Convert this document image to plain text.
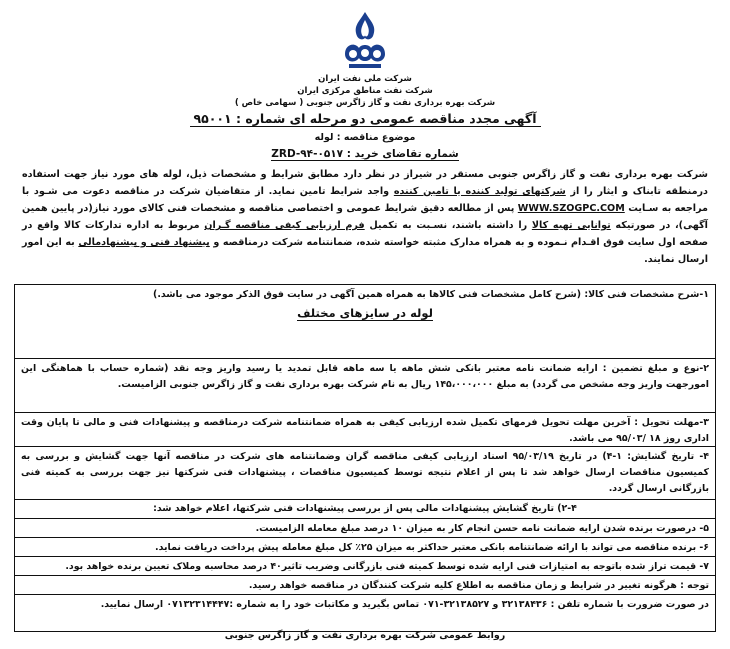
شرکت ملی نفت ایران
شرکت نفت مناطق مرکزی ایران
شرکت بهره برداری نفت و گاز زاگرس جنوبی ( سهامی خاص )
آگهی مجدد مناقصه عمومی دو مرحله ای شماره : ۹۵۰۰۱
موضوع مناقصه : لوله
شماره تقاضای خرید : ۰۵۱۷-ZRD-۹۴
شرکت بهره برداری نفت و گاز زاگرس جنوبی مستقر در شیراز در نظر دارد مطابق شرایط و مشخصات ذیل، لوله های مورد نیاز جهت استفاده درمنطقه تابناک و ایثار را از شرکتهای تولید کننده یا تامین کننده واجد شرایط تامین نماید. از متقاضیان شرکت در مناقصه دعوت می شـود با مراجعه به سـایت WWW.SZOGPC.COM پس از مطالعه دقیق شرایط عمومی و اختصاصی مناقصه و مشخصات فنی کالای مورد نیاز(در پایین همین آگهی)، در صورتیکه توانایی تهیه کالا را داشته باشند، نسـبت به تکمیل فرم ارزیابی کیفی مناقصه گـران مربوط به اداره تدارکات کالا واقع در صفحه اول سایت فوق اقـدام نـموده و به همراه مدارک مثبته خواسته شده، ضمانتنامه شرکت درمناقصه و پیشنهاد فنی و پیشنهادمالی به این امور ارسال نمایند.
۱-شرح مشخصات فنی کالا: (شرح کامل مشخصات فنی کالاها به همراه همین آگهی در سایت فوق الذکر موجود می باشد.)
لوله در سایزهای مختلف
۲-نوع و مبلغ تضمین : ارایه ضمانت نامه معتبر بانکی شش ماهه یا سه ماهه قابل تمدید یا رسید واریز وجه نقد (شماره حساب با هماهنگی این امورجهت واریز وجه مشخص می گردد) به مبلغ ۱۴۵،۰۰۰،۰۰۰ ریال به نام شرکت بهره برداری نفت و گاز زاگرس جنوبی الزامیست.
۳-مهلت تحویل : آخرین مهلت تحویل فرمهای تکمیل شده ارزیابی کیفی به همراه ضمانتنامه شرکت درمناقصه و پیشنهادات فنی و مالی تا پایان وقت اداری روز ۱۸ /۹۵/۰۳ می باشد.
۴- تاریخ گشایش: ۱-۴) در تاریخ ۹۵/۰۳/۱۹ اسناد ارزیابی کیفی مناقصه گران وضمانتنامه های شرکت در مناقصه آنها جهت گشایش و بررسی به کمیسیون مناقصات ارسال خواهد شد تا پس از اعلام نتیجه توسط کمیسیون مناقصات ، پیشنهادات فنی شرکتها نیز جهت بررسی به کمیته فنی بازرگانی ارسال گردد.
۲-۴) تاریخ گشایش پیشنهادات مالی پس از بررسی پیشنهادات فنی شرکتها، اعلام خواهد شد:
۵- درصورت برنده شدن ارایه ضمانت نامه حسن انجام کار به میزان ۱۰ درصد مبلغ معامله الزامیست.
۶- برنده مناقصه می تواند با ارائه ضمانتنامه بانکی معتبر حداکثر به میزان ۲۵٪ کل مبلغ معامله پیش پرداخت دریافت نماید.
۷- قیمت تراز شده باتوجه به امتیازات فنی ارایه شده توسط کمیته فنی بازرگانی وضریب تاثیر۴۰ درصد محاسبه وملاک تعیین برنده خواهد بود.
توجه : هرگونه تغییر در شرایط و زمان مناقصه به اطلاع کلیه شرکت کنندگان در مناقصه خواهد رسید.
در صورت ضرورت با شماره تلفن : ۳۲۱۳۸۴۳۶ و ۳۲۱۳۸۵۲۷-۰۷۱ تماس بگیرید و مکاتبات خود را به شماره :۰۷۱۳۲۳۱۴۴۴۷ ارسال نمایید.
روابط عمومی شرکت بهره برداری نفت و گاز زاگرس جنوبی
